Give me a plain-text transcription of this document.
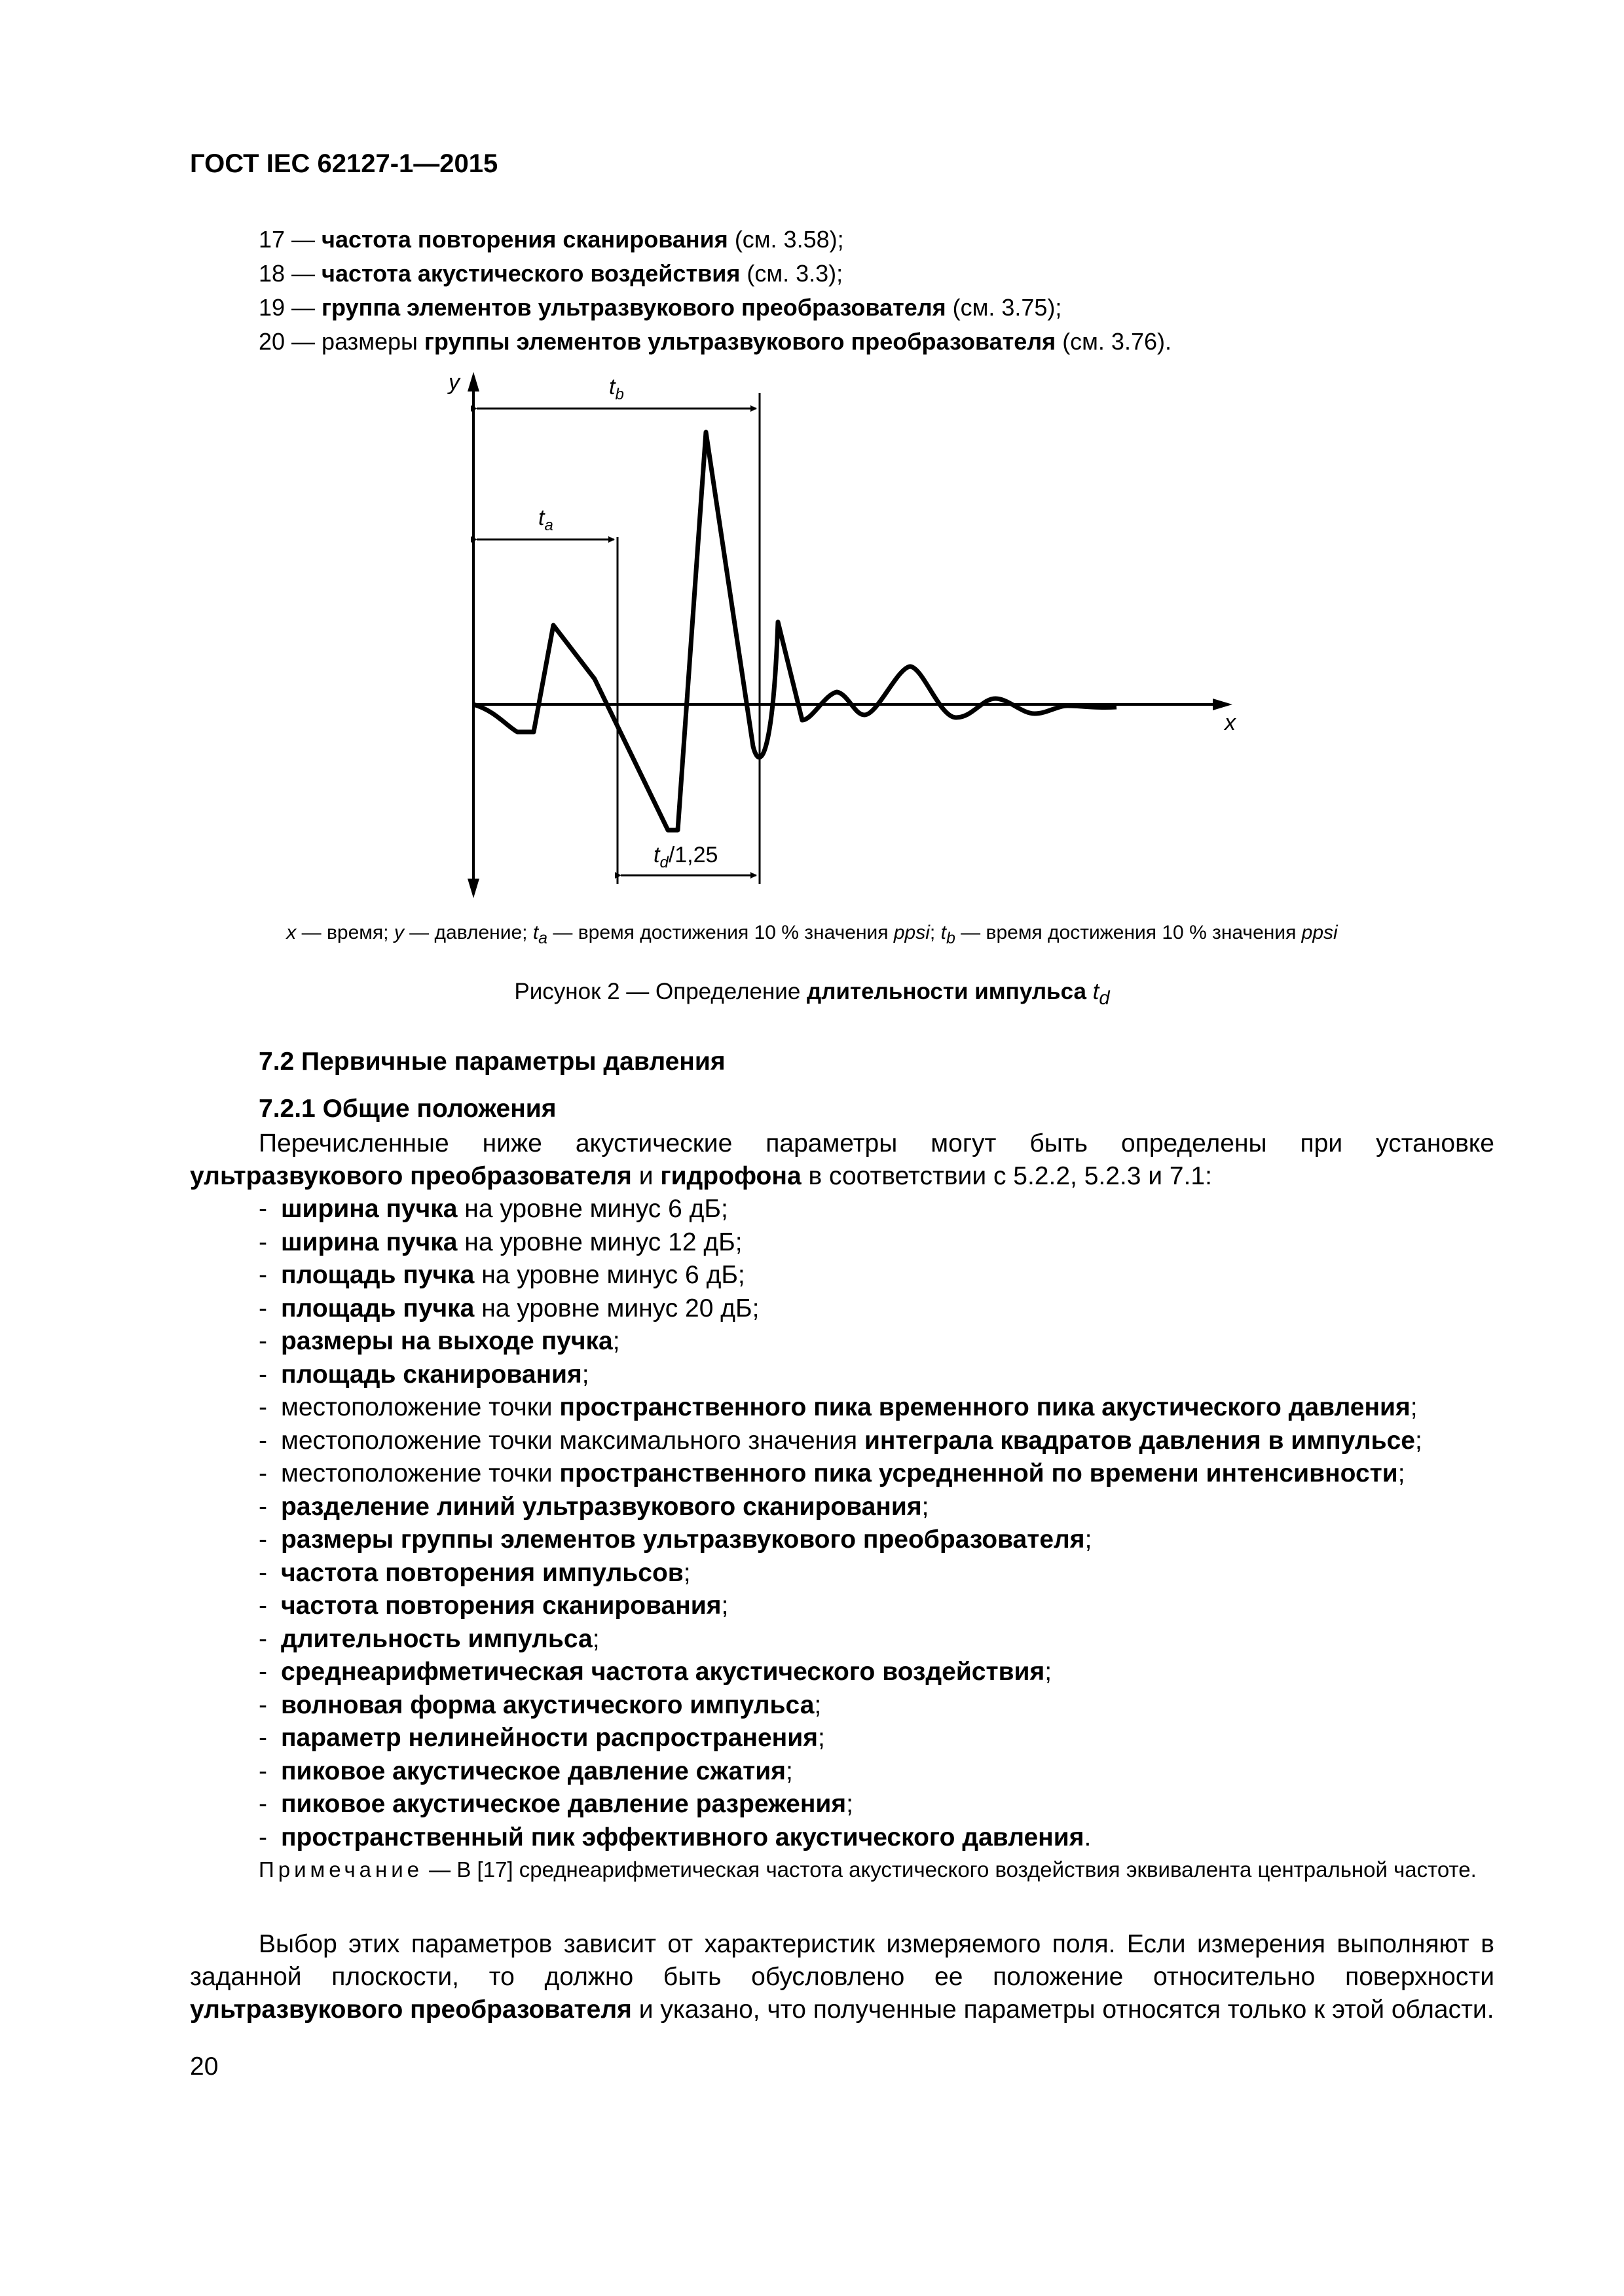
ГОСТ IEC 62127-1—2015
17 — частота повторения сканирования (см. 3.58);
18 — частота акустического воздействия (см. 3.3);
19 — группа элементов ультразвукового преобразователя (см. 3.75);
20 — размеры группы элементов ультразвукового преобразователя (см. 3.76).
y
x
$t_b$
$t_a$
$t_d/1,25$
x — время; y — давление; $t_a$ — время достижения 10 % значения ppsi; $t_b$ — время достижения 10 % значения ppsi
Рисунок 2 — Определение длительности импульса $t_d$
7.2 Первичные параметры давления
7.2.1 Общие положения
Перечисленные ниже акустические параметры могут быть определены при установке ультразвукового преобразователя и гидрофона в соответствии с 5.2.2, 5.2.3 и 7.1:
- ширина пучка на уровне минус 6 дБ;
- ширина пучка на уровне минус 12 дБ;
- площадь пучка на уровне минус 6 дБ;
- площадь пучка на уровне минус 20 дБ;
- размеры на выходе пучка;
- площадь сканирования;
- местоположение точки пространственного пика временного пика акустического давления;
- местоположение точки максимального значения интеграла квадратов давления в импульсе;
- местоположение точки пространственного пика усредненной по времени интенсивности;
- разделение линий ультразвукового сканирования;
- размеры группы элементов ультразвукового преобразователя;
- частота повторения импульсов;
- частота повторения сканирования;
- длительность импульса;
- среднеарифметическая частота акустического воздействия;
- волновая форма акустического импульса;
- параметр нелинейности распространения;
- пиковое акустическое давление сжатия;
- пиковое акустическое давление разрежения;
- пространственный пик эффективного акустического давления.
Примечание — В [17] среднеарифметическая частота акустического воздействия эквивалента центральной частоте.
Выбор этих параметров зависит от характеристик измеряемого поля. Если измерения выполняют в заданной плоскости, то должно быть обусловлено ее положение относительно поверхности ультразвукового преобразователя и указано, что полученные параметры относятся только к этой области.
20
